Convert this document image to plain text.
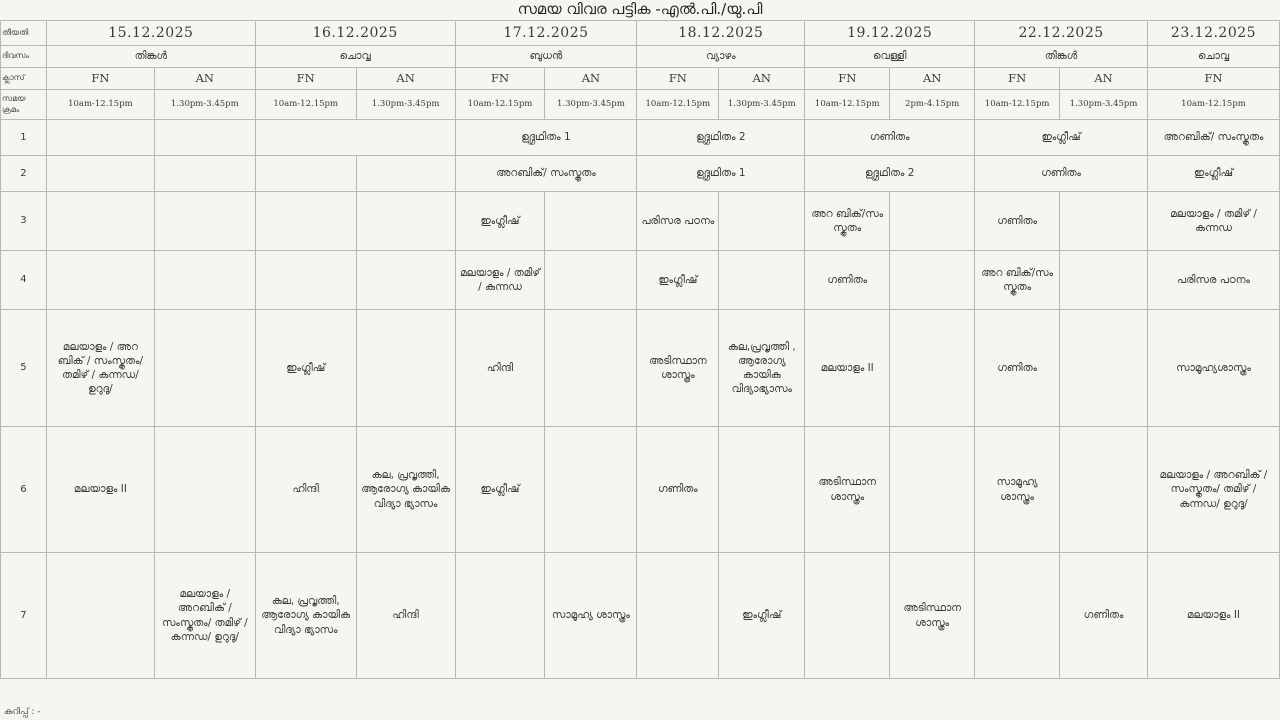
സമയ വിവര പട്ടിക -എൽ.പി./യു.പി
തീയതി	15.12.2025		16.12.2025		17.12.2025		18.12.2025		19.12.2025		22.12.2025		23.12.2025
ദിവസം	തിങ്കൾ		ചൊവ്വ		ബുധൻ		വ്യാഴം		വെള്ളി		തിങ്കൾ		ചൊവ്വ
ക്ലാസ്	FN	AN	FN	AN	FN	AN	FN	AN	FN	AN	FN	AN	FN
സമയ ക്രമം	10am-12.15pm	1.30pm-3.45pm	10am-12.15pm	1.30pm-3.45pm	10am-12.15pm	1.30pm-3.45pm	10am-12.15pm	1.30pm-3.45pm	10am-12.15pm	2pm-4.15pm	10am-12.15pm	1.30pm-3.45pm	10am-12.15pm
1					ഉദ്ഗ്രഥിതം 1		ഉദ്ഗ്രഥിതം 2		ഗണിതം		ഇംഗ്ലീഷ്		അറബിക്/ സംസ്കൃതം
2					അറബിക്/ സംസ്കൃതം		ഉദ്ഗ്രഥിതം 1		ഉദ്ഗ്രഥിതം 2		ഗണിതം		ഇംഗ്ലീഷ്
3					ഇംഗ്ലീഷ്		പരിസര പഠനം		അറ ബിക്/സം സ്കൃതം		ഗണിതം		മലയാളം / തമിഴ് / കന്നഡ
4					മലയാളം / തമിഴ് / കന്നഡ		ഇംഗ്ലീഷ്		ഗണിതം		അറ ബിക്/സം സ്കൃതം		പരിസര പഠനം
5	മലയാളം / അറ ബിക് / സംസ്കൃതം/ തമിഴ് / കന്നഡ/ ഉറുദു/		ഇംഗ്ലീഷ്		ഹിന്ദി		അടിസ്ഥാന ശാസ്ത്രം	കല,പ്രവൃത്തി , ആരോഗ്യ കായിക വിദ്യാഭ്യാസം	മലയാളം II		ഗണിതം		സാമൂഹ്യശാസ്ത്രം
6	മലയാളം II		ഹിന്ദി	കല, പ്രവൃത്തി, ആരോഗ്യ കായിക വിദ്യാ ഭ്യാസം	ഇംഗ്ലീഷ്		ഗണിതം		അടിസ്ഥാന ശാസ്ത്രം		സാമൂഹ്യ ശാസ്ത്രം		മലയാളം / അറബിക് / സംസ്കൃതം/ തമിഴ് / കന്നഡ/ ഉറുദു/
7		മലയാളം / അറബിക് / സംസ്കൃതം/ തമിഴ് / കന്നഡ/ ഉറുദു/	കല, പ്രവൃത്തി, ആരോഗ്യ കായിക വിദ്യാ ഭ്യാസം	ഹിന്ദി		സാമൂഹ്യ ശാസ്ത്രം		ഇംഗ്ലീഷ്		അടിസ്ഥാന ശാസ്ത്രം		ഗണിതം	മലയാളം II
കുറിപ്പ് : -
